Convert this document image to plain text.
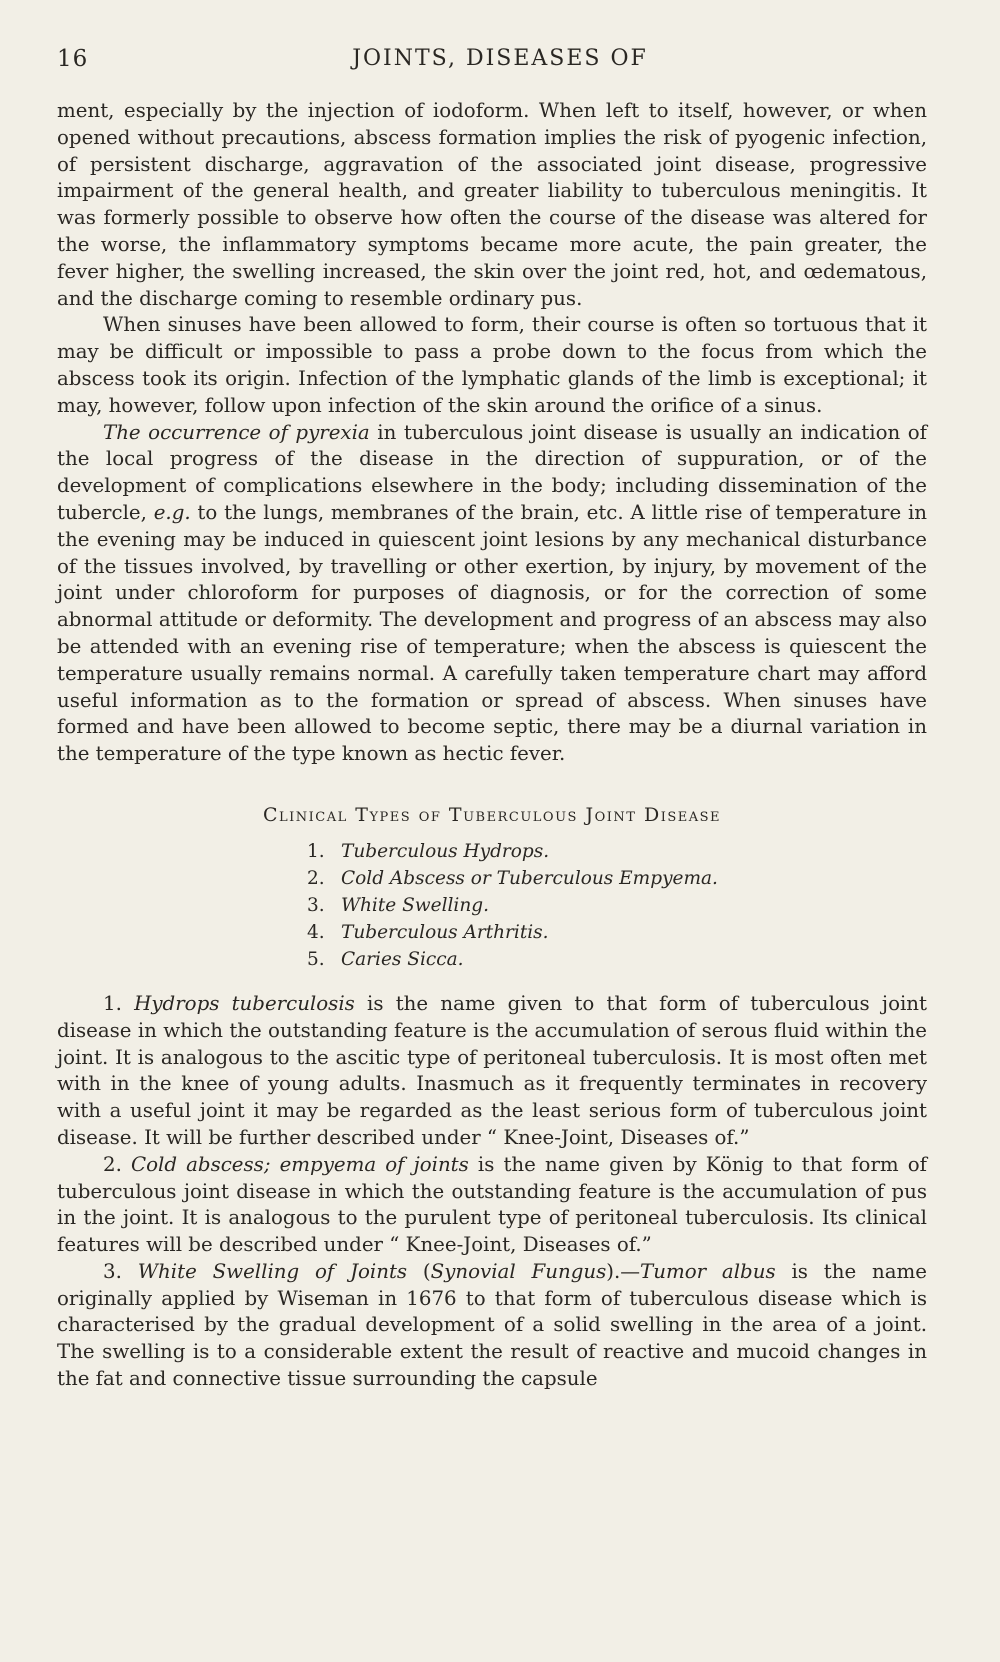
16	JOINTS, DISEASES OF

ment, especially by the injection of iodoform. When left to itself, however, or when opened without precautions, abscess formation implies the risk of pyogenic infection, of persistent discharge, aggravation of the associated joint disease, progressive impairment of the general health, and greater liability to tuberculous meningitis. It was formerly possible to observe how often the course of the disease was altered for the worse, the inflammatory symptoms became more acute, the pain greater, the fever higher, the swelling increased, the skin over the joint red, hot, and œdematous, and the discharge coming to resemble ordinary pus.

When sinuses have been allowed to form, their course is often so tortuous that it may be difficult or impossible to pass a probe down to the focus from which the abscess took its origin. Infection of the lymphatic glands of the limb is exceptional; it may, however, follow upon infection of the skin around the orifice of a sinus.

The occurrence of pyrexia in tuberculous joint disease is usually an indication of the local progress of the disease in the direction of suppuration, or of the development of complications elsewhere in the body; including dissemination of the tubercle, e.g. to the lungs, membranes of the brain, etc. A little rise of temperature in the evening may be induced in quiescent joint lesions by any mechanical disturbance of the tissues involved, by travelling or other exertion, by injury, by movement of the joint under chloroform for purposes of diagnosis, or for the correction of some abnormal attitude or deformity. The development and progress of an abscess may also be attended with an evening rise of temperature; when the abscess is quiescent the temperature usually remains normal. A carefully taken temperature chart may afford useful information as to the formation or spread of abscess. When sinuses have formed and have been allowed to become septic, there may be a diurnal variation in the temperature of the type known as hectic fever.

Clinical Types of Tuberculous Joint Disease
1. Tuberculous Hydrops.
2. Cold Abscess or Tuberculous Empyema.
3. White Swelling.
4. Tuberculous Arthritis.
5. Caries Sicca.

1. Hydrops tuberculosis is the name given to that form of tuberculous joint disease in which the outstanding feature is the accumulation of serous fluid within the joint. It is analogous to the ascitic type of peritoneal tuberculosis. It is most often met with in the knee of young adults. Inasmuch as it frequently terminates in recovery with a useful joint it may be regarded as the least serious form of tuberculous joint disease. It will be further described under “ Knee-Joint, Diseases of.”

2. Cold abscess; empyema of joints is the name given by König to that form of tuberculous joint disease in which the outstanding feature is the accumulation of pus in the joint. It is analogous to the purulent type of peritoneal tuberculosis. Its clinical features will be described under “ Knee-Joint, Diseases of.”

3. White Swelling of Joints (Synovial Fungus).—Tumor albus is the name originally applied by Wiseman in 1676 to that form of tuberculous disease which is characterised by the gradual development of a solid swelling in the area of a joint. The swelling is to a considerable extent the result of reactive and mucoid changes in the fat and connective tissue surrounding the capsule
